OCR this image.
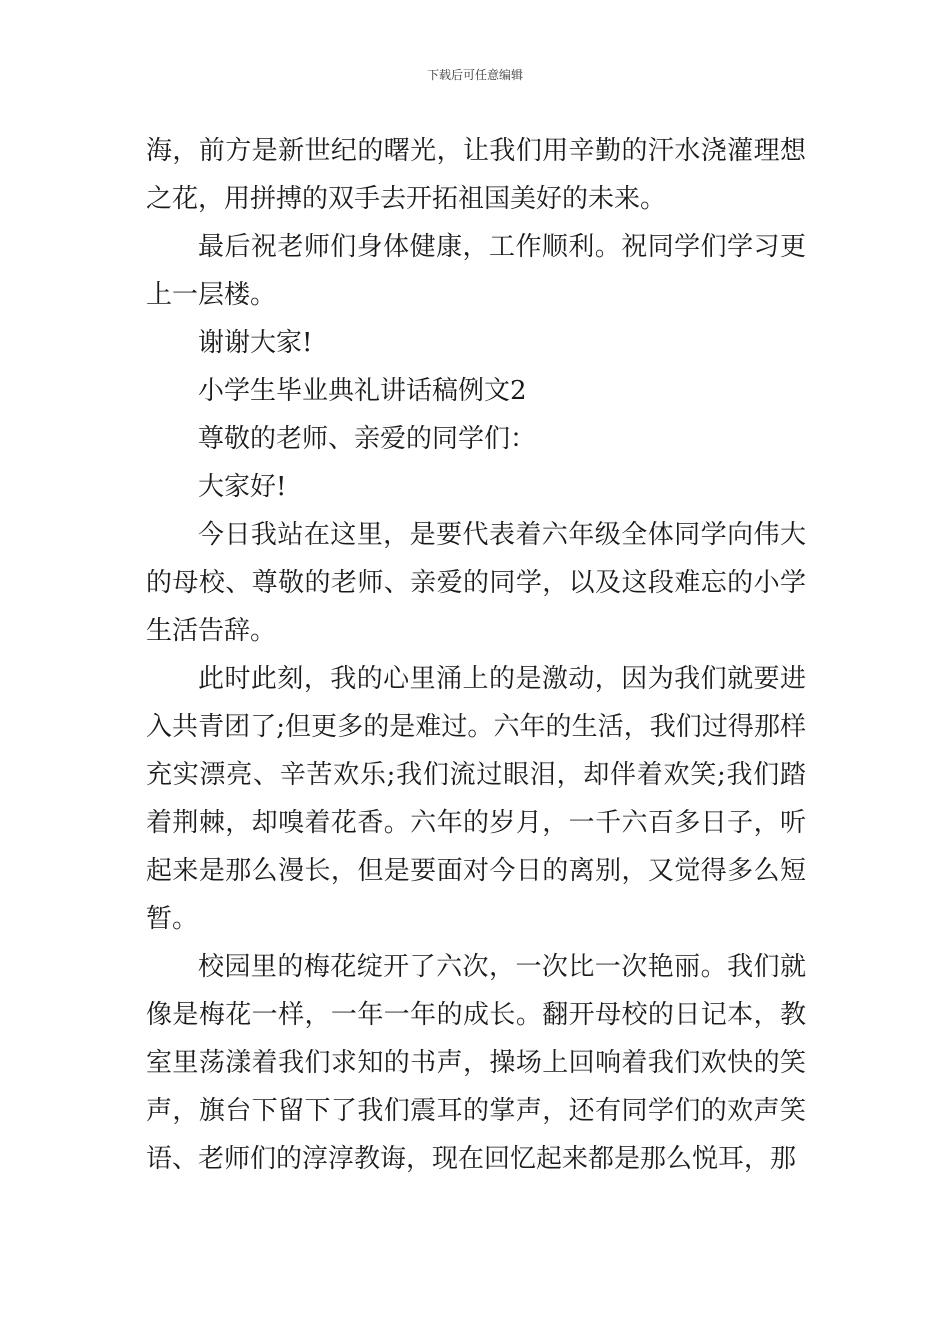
下载后可任意编辑

海，前方是新世纪的曙光，让我们用辛勤的汗水浇灌理想之花，用拼搏的双手去开拓祖国美好的未来。

最后祝老师们身体健康，工作顺利。祝同学们学习更上一层楼。

谢谢大家!

小学生毕业典礼讲话稿例文2

尊敬的老师、亲爱的同学们：

大家好!

今日我站在这里，是要代表着六年级全体同学向伟大的母校、尊敬的老师、亲爱的同学，以及这段难忘的小学生活告辞。

此时此刻，我的心里涌上的是激动，因为我们就要进入共青团了;但更多的是难过。六年的生活，我们过得那样充实漂亮、辛苦欢乐;我们流过眼泪，却伴着欢笑;我们踏着荆棘，却嗅着花香。六年的岁月，一千六百多日子，听起来是那么漫长，但是要面对今日的离别，又觉得多么短暂。

校园里的梅花绽开了六次，一次比一次艳丽。我们就像是梅花一样，一年一年的成长。翻开母校的日记本，教室里荡漾着我们求知的书声，操场上回响着我们欢快的笑声，旗台下留下了我们震耳的掌声，还有同学们的欢声笑语、老师们的淳淳教诲，现在回忆起来都是那么悦耳，那
